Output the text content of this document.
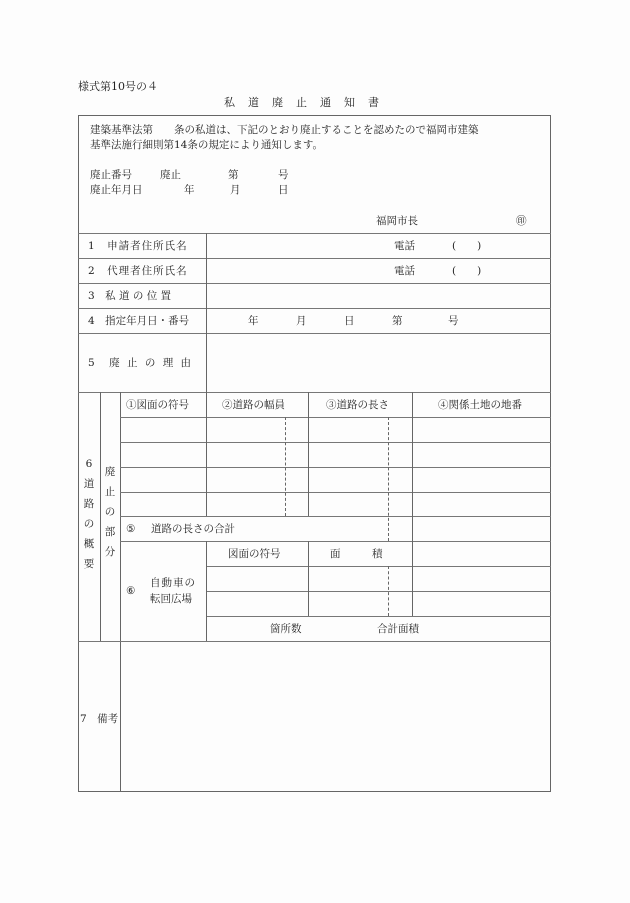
様式第10号の４
私道廃止通知書
建築基準法第　　条の私道は、下記のとおり廃止することを認めたので福岡市建築
基準法施行細則第14条の規定により通知します。
廃止番号	廃止	第	号
廃止年月日	年	月	日
福岡市長	㊞
1　申請者住所氏名	電話	(　　)
2　代理者住所氏名	電話	(　　)
3　私 道 の 位 置
4　指定年月日・番号	年	月	日	第	号
5　廃 止 の 理 由
6道路の概要
廃止の部分
①図面の符号	②道路の幅員	③道路の長さ	④関係土地の地番
⑤ 道路の長さの合計
⑥
自動車の
転回広場
図面の符号	面　　　積
箇所数	合計面積
7　備考
